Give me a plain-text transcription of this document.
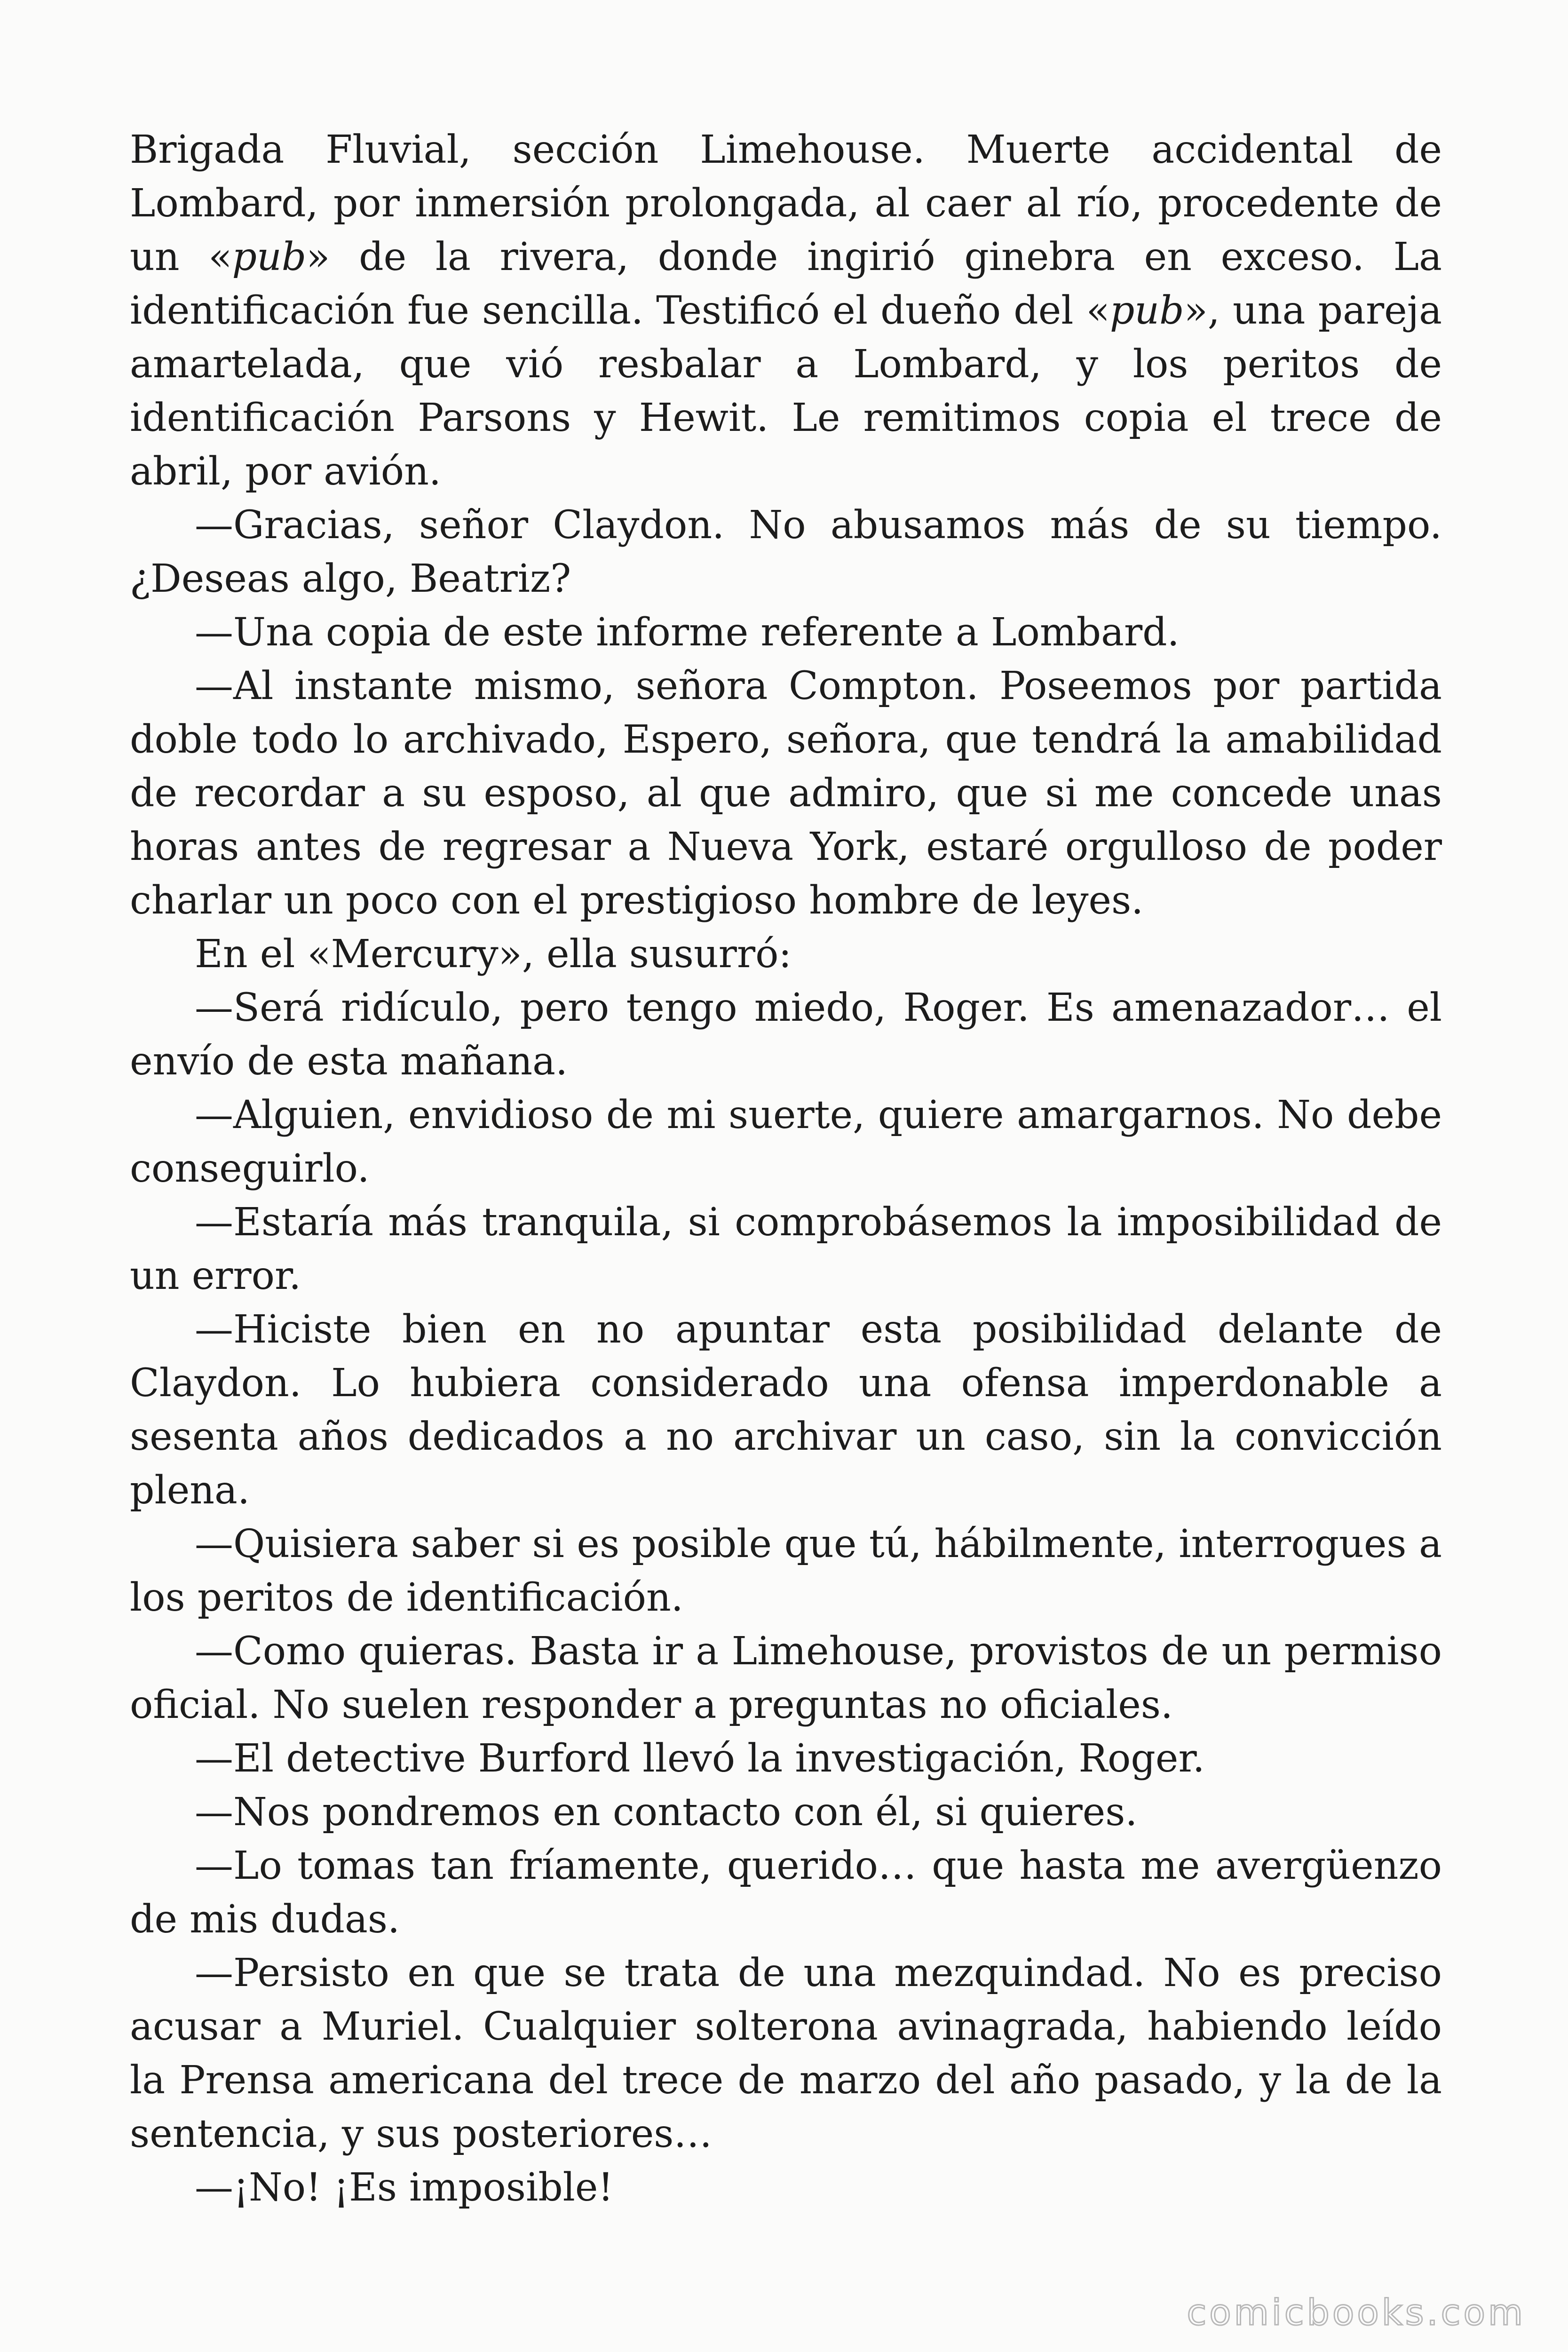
Brigada Fluvial, sección Limehouse. Muerte accidental de Lombard, por inmersión prolongada, al caer al río, procedente de un «pub» de la rivera, donde ingirió ginebra en exceso. La identificación fue sencilla. Testificó el dueño del «pub», una pareja amartelada, que vió resbalar a Lombard, y los peritos de identificación Parsons y Hewit. Le remitimos copia el trece de abril, por avión.

—Gracias, señor Claydon. No abusamos más de su tiempo. ¿Deseas algo, Beatriz?

—Una copia de este informe referente a Lombard.

—Al instante mismo, señora Compton. Poseemos por partida doble todo lo archivado, Espero, señora, que tendrá la amabilidad de recordar a su esposo, al que admiro, que si me concede unas horas antes de regresar a Nueva York, estaré orgulloso de poder charlar un poco con el prestigioso hombre de leyes.

En el «Mercury», ella susurró:

—Será ridículo, pero tengo miedo, Roger. Es amenazador… el envío de esta mañana.

—Alguien, envidioso de mi suerte, quiere amargarnos. No debe conseguirlo.

—Estaría más tranquila, si comprobásemos la imposibilidad de un error.

—Hiciste bien en no apuntar esta posibilidad delante de Claydon. Lo hubiera considerado una ofensa imperdonable a sesenta años dedicados a no archivar un caso, sin la convicción plena.

—Quisiera saber si es posible que tú, hábilmente, interrogues a los peritos de identificación.

—Como quieras. Basta ir a Limehouse, provistos de un permiso oficial. No suelen responder a preguntas no oficiales.

—El detective Burford llevó la investigación, Roger.

—Nos pondremos en contacto con él, si quieres.

—Lo tomas tan fríamente, querido… que hasta me avergüenzo de mis dudas.

—Persisto en que se trata de una mezquindad. No es preciso acusar a Muriel. Cualquier solterona avinagrada, habiendo leído la Prensa americana del trece de marzo del año pasado, y la de la sentencia, y sus posteriores…

—¡No! ¡Es imposible!

comicbooks.com
